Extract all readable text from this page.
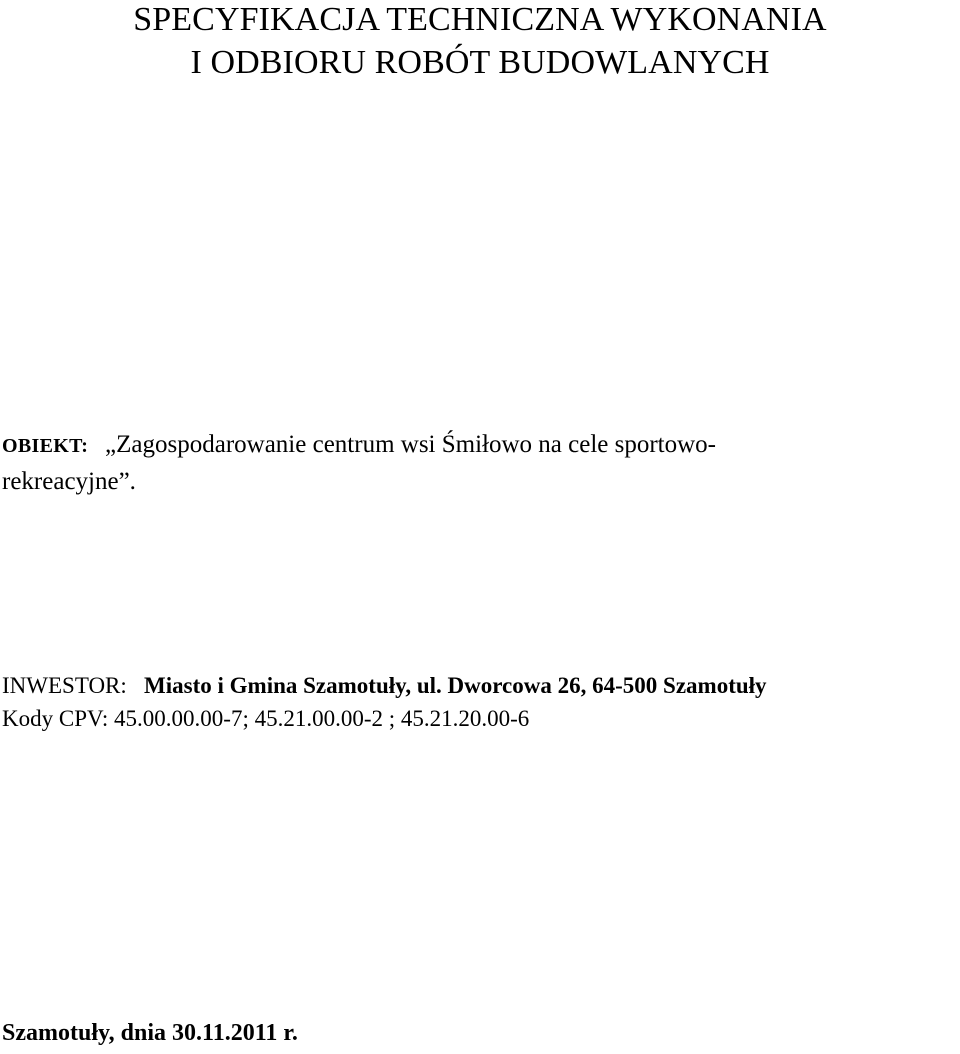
SPECYFIKACJA TECHNICZNA WYKONANIA
I ODBIORU ROBÓT BUDOWLANYCH
OBIEKT:   „Zagospodarowanie centrum wsi Śmiłowo na cele sportowo-
rekreacyjne”.
INWESTOR:   Miasto i Gmina Szamotuły, ul. Dworcowa 26, 64-500 Szamotuły
Kody CPV: 45.00.00.00-7; 45.21.00.00-2 ; 45.21.20.00-6
Szamotuły, dnia 30.11.2011 r.
